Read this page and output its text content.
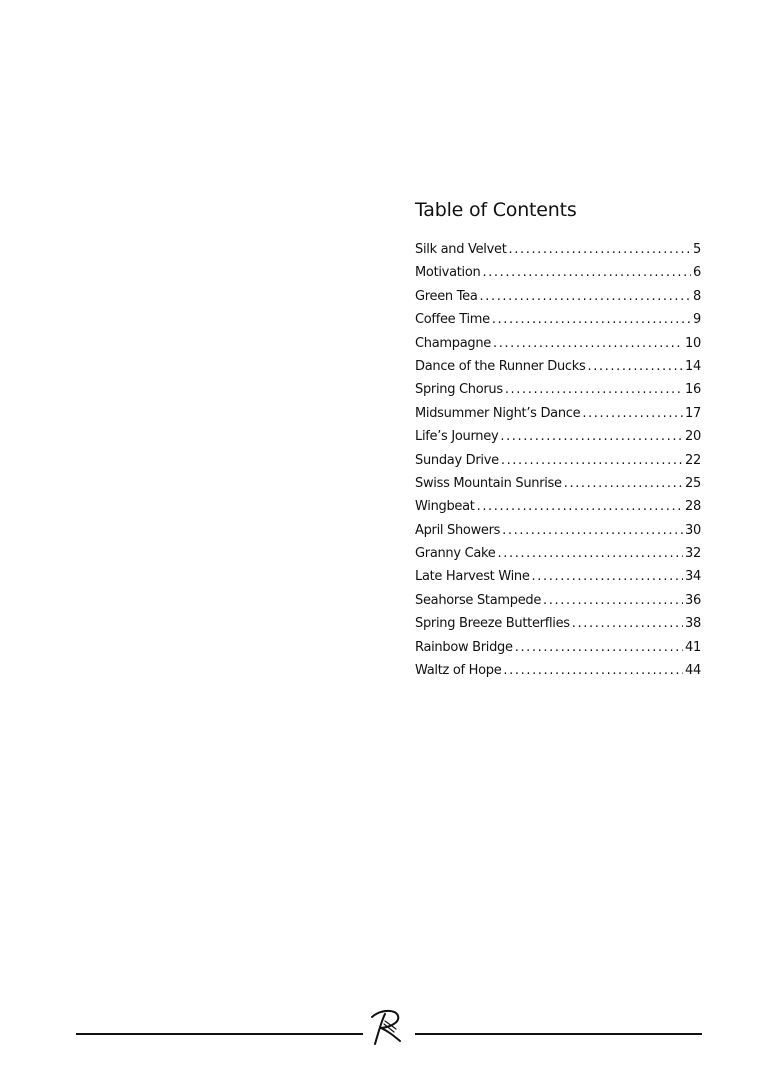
Table of Contents
Silk and Velvet .....	5
Motivation .....	6
Green Tea .....	8
Coffee Time .....	9
Champagne .....	10
Dance of the Runner Ducks .....	14
Spring Chorus .....	16
Midsummer Night’s Dance .....	17
Life’s Journey .....	20
Sunday Drive .....	22
Swiss Mountain Sunrise .....	25
Wingbeat .....	28
April Showers .....	30
Granny Cake .....	32
Late Harvest Wine .....	34
Seahorse Stampede .....	36
Spring Breeze Butterflies .....	38
Rainbow Bridge .....	41
Waltz of Hope .....	44
